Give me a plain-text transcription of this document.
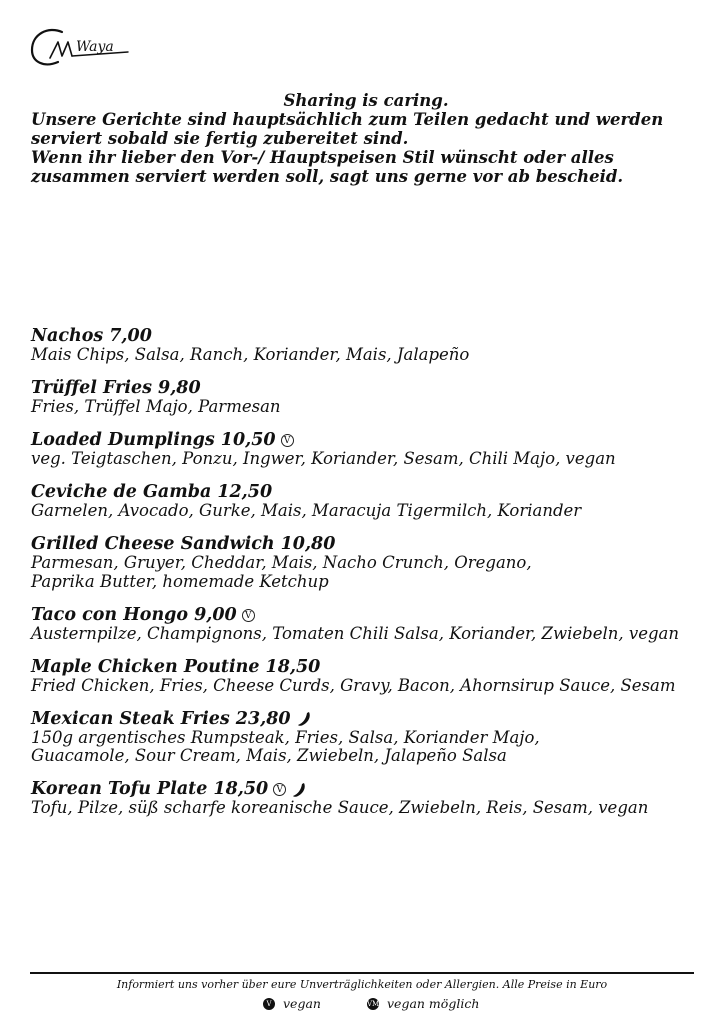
Waya
Sharing is caring.
Unsere Gerichte sind hauptsächlich zum Teilen gedacht und werden
serviert sobald sie fertig zubereitet sind.
Wenn ihr lieber den Vor-/ Hauptspeisen Stil wünscht oder alles
zusammen serviert werden soll, sagt uns gerne vor ab bescheid.
Nachos 7,00
Mais Chips, Salsa, Ranch, Koriander, Mais, Jalapeño
Trüffel Fries 9,80
Fries, Trüffel Majo, Parmesan
Loaded Dumplings 10,50 V
veg. Teigtaschen, Ponzu, Ingwer, Koriander, Sesam, Chili Majo, vegan
Ceviche de Gamba 12,50
Garnelen, Avocado, Gurke, Mais, Maracuja Tigermilch, Koriander
Grilled Cheese Sandwich 10,80
Parmesan, Gruyer, Cheddar, Mais, Nacho Crunch, Oregano,
Paprika Butter, homemade Ketchup
Taco con Hongo 9,00 V
Austernpilze, Champignons, Tomaten Chili Salsa, Koriander, Zwiebeln, vegan
Maple Chicken Poutine 18,50
Fried Chicken, Fries, Cheese Curds, Gravy, Bacon, Ahornsirup Sauce, Sesam
Mexican Steak Fries 23,80
150g argentisches Rumpsteak, Fries, Salsa, Koriander Majo,
Guacamole, Sour Cream, Mais, Zwiebeln, Jalapeño Salsa
Korean Tofu Plate 18,50 V
Tofu, Pilze, süß scharfe koreanische Sauce, Zwiebeln, Reis, Sesam, vegan
Informiert uns vorher über eure Unverträglichkeiten oder Allergien. Alle Preise in Euro
V vegan	VM vegan möglich
